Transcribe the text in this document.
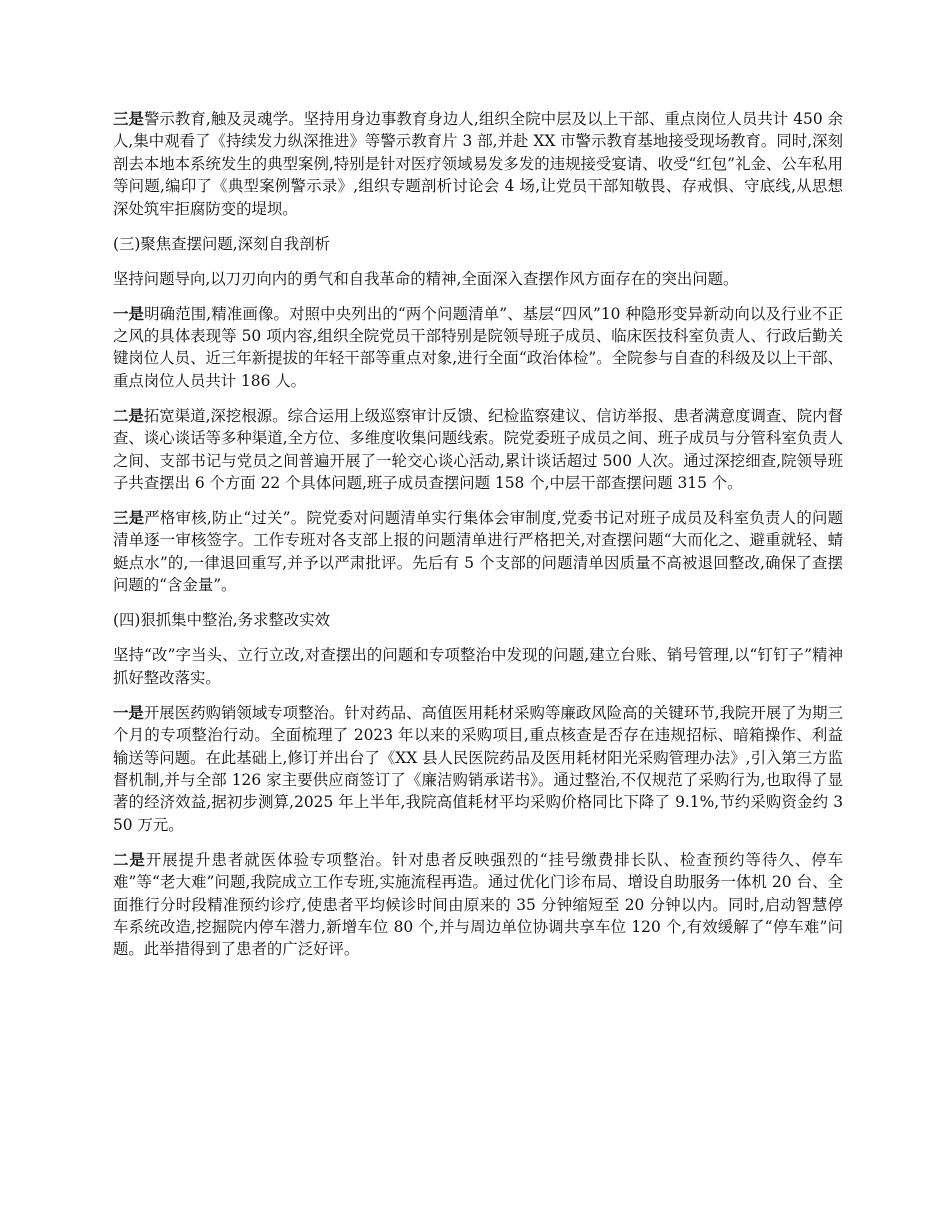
三是警示教育,触及灵魂学。坚持用身边事教育身边人,组织全院中层及以上干部、重点岗位人员共计 450 余人,集中观看了《持续发力纵深推进》等警示教育片 3 部,并赴 XX 市警示教育基地接受现场教育。同时,深刻剖去本地本系统发生的典型案例,特别是针对医疗领域易发多发的违规接受宴请、收受“红包”礼金、公车私用等问题,编印了《典型案例警示录》,组织专题剖析讨论会 4 场,让党员干部知敬畏、存戒惧、守底线,从思想深处筑牢拒腐防变的堤坝。

(三)聚焦查摆问题,深刻自我剖析

坚持问题导向,以刀刃向内的勇气和自我革命的精神,全面深入查摆作风方面存在的突出问题。

一是明确范围,精准画像。对照中央列出的“两个问题清单”、基层“四风”10 种隐形变异新动向以及行业不正之风的具体表现等 50 项内容,组织全院党员干部特别是院领导班子成员、临床医技科室负责人、行政后勤关键岗位人员、近三年新提拔的年轻干部等重点对象,进行全面“政治体检”。全院参与自查的科级及以上干部、重点岗位人员共计 186 人。

二是拓宽渠道,深挖根源。综合运用上级巡察审计反馈、纪检监察建议、信访举报、患者满意度调查、院内督查、谈心谈话等多种渠道,全方位、多维度收集问题线索。院党委班子成员之间、班子成员与分管科室负责人之间、支部书记与党员之间普遍开展了一轮交心谈心活动,累计谈话超过 500 人次。通过深挖细查,院领导班子共查摆出 6 个方面 22 个具体问题,班子成员查摆问题 158 个,中层干部查摆问题 315 个。

三是严格审核,防止“过关”。院党委对问题清单实行集体会审制度,党委书记对班子成员及科室负责人的问题清单逐一审核签字。工作专班对各支部上报的问题清单进行严格把关,对查摆问题“大而化之、避重就轻、蜻蜓点水”的,一律退回重写,并予以严肃批评。先后有 5 个支部的问题清单因质量不高被退回整改,确保了查摆问题的“含金量”。

(四)狠抓集中整治,务求整改实效

坚持“改”字当头、立行立改,对查摆出的问题和专项整治中发现的问题,建立台账、销号管理,以“钉钉子”精神抓好整改落实。

一是开展医药购销领域专项整治。针对药品、高值医用耗材采购等廉政风险高的关键环节,我院开展了为期三个月的专项整治行动。全面梳理了 2023 年以来的采购项目,重点核查是否存在违规招标、暗箱操作、利益输送等问题。在此基础上,修订并出台了《XX 县人民医院药品及医用耗材阳光采购管理办法》,引入第三方监督机制,并与全部 126 家主要供应商签订了《廉洁购销承诺书》。通过整治,不仅规范了采购行为,也取得了显著的经济效益,据初步测算,2025 年上半年,我院高值耗材平均采购价格同比下降了 9.1%,节约采购资金约 350 万元。

二是开展提升患者就医体验专项整治。针对患者反映强烈的“挂号缴费排长队、检查预约等待久、停车难”等“老大难”问题,我院成立工作专班,实施流程再造。通过优化门诊布局、增设自助服务一体机 20 台、全面推行分时段精准预约诊疗,使患者平均候诊时间由原来的 35 分钟缩短至 20 分钟以内。同时,启动智慧停车系统改造,挖掘院内停车潜力,新增车位 80 个,并与周边单位协调共享车位 120 个,有效缓解了“停车难”问题。此举措得到了患者的广泛好评。
